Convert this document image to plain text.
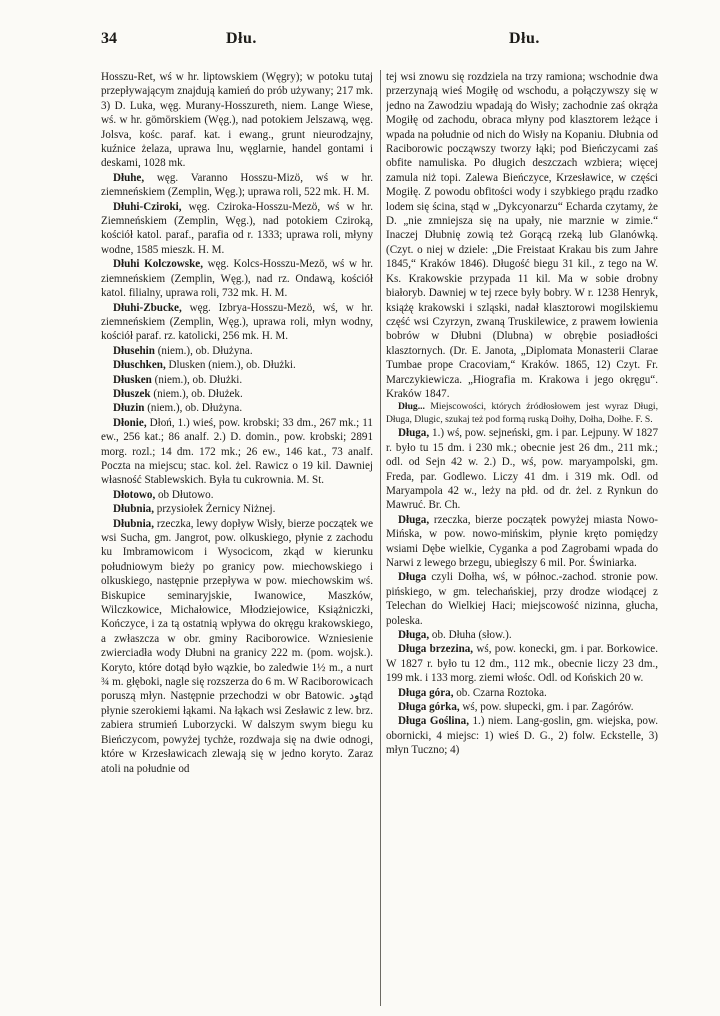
34	Dłu.	Dłu.

Hosszu-Ret, wś w hr. liptowskiem (Węgry); w potoku tutaj przepływającym znajdują kamień do prób używany; 217 mk. 3) D. Luka, węg. Murany-Hosszureth, niem. Lange Wiese, wś. w hr. gömörskiem (Węg.), nad potokiem Jelszawą, węg. Jolsva, kośc. paraf. kat. i ewang., grunt nieurodzajny, kuźnice żelaza, uprawa lnu, węglarnie, handel gontami i deskami, 1028 mk.

Dłuhe, węg. Varanno Hosszu-Mizö, wś w hr. ziemneńskiem (Zemplin, Węg.); uprawa roli, 522 mk. H. M.

Dłuhi-Cziroki, węg. Cziroka-Hosszu-Mezö, wś w hr. Ziemneńskiem (Zemplin, Węg.), nad potokiem Cziroką, kościół katol. paraf., parafia od r. 1333; uprawa roli, młyny wodne, 1585 mieszk. H. M.

Dłuhi Kolczowske, węg. Kolcs-Hosszu-Mezö, wś w hr. ziemneńskiem (Zemplin, Węg.), nad rz. Ondawą, kościół katol. filialny, uprawa roli, 732 mk. H. M.

Dłuhi-Zbucke, węg. Izbrya-Hosszu-Mezö, wś, w hr. ziemneńskiem (Zemplin, Węg.), uprawa roli, młyn wodny, kościół paraf. rz. katolicki, 256 mk. H. M.

Dłusehin (niem.), ob. Dłużyna.

Dłuschken, Dlusken (niem.), ob. Dłużki.

Dłusken (niem.), ob. Dłużki.

Dłuszek (niem.), ob. Dłużek.

Dłuzin (niem.), ob. Dłużyna.

Dłonie, Dłoń, 1.) wieś, pow. krobski; 33 dm., 267 mk.; 11 ew., 256 kat.; 86 analf. 2.) D. domin., pow. krobski; 2891 morg. rozl.; 14 dm. 172 mk.; 26 ew., 146 kat., 73 analf. Poczta na miejscu; stac. kol. żel. Rawicz o 19 kil. Dawniej własność Stablewskich. Była tu cukrownia. M. St.

Dłotowo, ob Dłutowo.

Dłubnia, przysiołek Żernicy Niżnej.

Dłubnia, rzeczka, lewy dopływ Wisły, bierze początek we wsi Sucha, gm. Jangrot, pow. olkuskiego, płynie z zachodu ku Imbramowicom i Wysocicom, zkąd w kierunku południowym bieży po granicy pow. miechowskiego i olkuskiego, następnie przepływa w pow. miechowskim wś. Biskupice seminaryjskie, Iwanowice, Maszków, Wilczkowice, Michałowice, Młodziejowice, Książniczki, Kończyce, i za tą ostatnią wpływa do okręgu krakowskiego, a zwłaszcza w obr. gminy Raciborowice. Wzniesienie zwierciadła wody Dłubni na granicy 222 m. (pom. wojsk.). Koryto, które dotąd było wązkie, bo zaledwie 1½ m., a nurt ¾ m. głęboki, nagle się rozszerza do 6 m. W Raciborowicach poruszą młyn. Następnie przechodzi w obr Batowic. ودtąd płynie szerokiemi łąkami. Na łąkach wsi Zesławic z lew. brz. zabiera strumień Luborzycki. W dalszym swym biegu ku Bieńczycom, powyżej tychże, rozdwaja się na dwie odnogi, które w Krzesławicach zlewają się w jedno koryto. Zaraz atoli na południe od

tej wsi znowu się rozdziela na trzy ramiona; wschodnie dwa przerzynają wieś Mogiłę od wschodu, a połączywszy się w jedno na Zawodziu wpadają do Wisły; zachodnie zaś okrąża Mogiłę od zachodu, obraca młyny pod klasztorem leżące i wpada na południe od nich do Wisły na Kopaniu. Dłubnia od Raciborowic począwszy tworzy łąki; pod Bieńczycami zaś obfite namuliska. Po długich deszczach wzbiera; więcej zamula niż topi. Zalewa Bieńczyce, Krzesławice, w części Mogiłę. Z powodu obfitości wody i szybkiego prądu rzadko lodem się ścina, stąd w „Dykcyonarzu“ Echarda czytamy, że D. „nie zmniejsza się na upały, nie marznie w zimie.“ Inaczej Dłubnię zowią też Gorącą rzeką lub Glanówką. (Czyt. o niej w dziele: „Die Freistaat Krakau bis zum Jahre 1845,“ Kraków 1846). Długość biegu 31 kil., z tego na W. Ks. Krakowskie przypada 11 kil. Ma w sobie drobny białoryb. Dawniej w tej rzece były bobry. W r. 1238 Henryk, książę krakowski i szląski, nadał klasztorowi mogilskiemu część wsi Czyrzyn, zwaną Truskilewice, z prawem łowienia bobrów w Dłubni (Dlubna) w obrębie posiadłości klasztornych. (Dr. E. Janota, „Diplomata Monasterii Clarae Tumbae prope Cracoviam,“ Kraków. 1865, 12) Czyt. Fr. Marczykiewicza. „Hiografia m. Krakowa i jego okręgu“. Kraków 1847.

Dług... Miejscowości, których źródłosłowem jest wyraz Długi, Długa, Dlugic, szukaj też pod formą ruską Dołhy, Dołha, Dołhe. F. S.

Długa, 1.) wś, pow. sejneński, gm. i par. Lejpuny. W 1827 r. było tu 15 dm. i 230 mk.; obecnie jest 26 dm., 211 mk.; odl. od Sejn 42 w. 2.) D., wś, pow. maryampolski, gm. Freda, par. Godlewo. Liczy 41 dm. i 319 mk. Odl. od Maryampola 42 w., leży na płd. od dr. żel. z Rynkun do Mawruć. Br. Ch.

Długa, rzeczka, bierze początek powyżej miasta Nowo-Mińska, w pow. nowo-mińskim, płynie kręto pomiędzy wsiami Dębe wielkie, Cyganka a pod Zagrobami wpada do Narwi z lewego brzegu, ubiegłszy 6 mil. Por. Świniarka.

Długa czyli Dołha, wś, w północ.-zachod. stronie pow. pińskiego, w gm. telechańskiej, przy drodze wiodącej z Telechan do Wielkiej Haci; miejscowość nizinna, głucha, poleska.

Długa, ob. Dłuha (słow.).

Długa brzezina, wś, pow. konecki, gm. i par. Borkowice. W 1827 r. było tu 12 dm., 112 mk., obecnie liczy 23 dm., 199 mk. i 133 morg. ziemi włośc. Odl. od Końskich 20 w.

Długa góra, ob. Czarna Roztoka.

Długa górka, wś, pow. słupecki, gm. i par. Zagórów.

Długa Goślina, 1.) niem. Lang-goslin, gm. wiejska, pow. obornicki, 4 miejsc: 1) wieś D. G., 2) folw. Eckstelle, 3) młyn Tuczno; 4)
